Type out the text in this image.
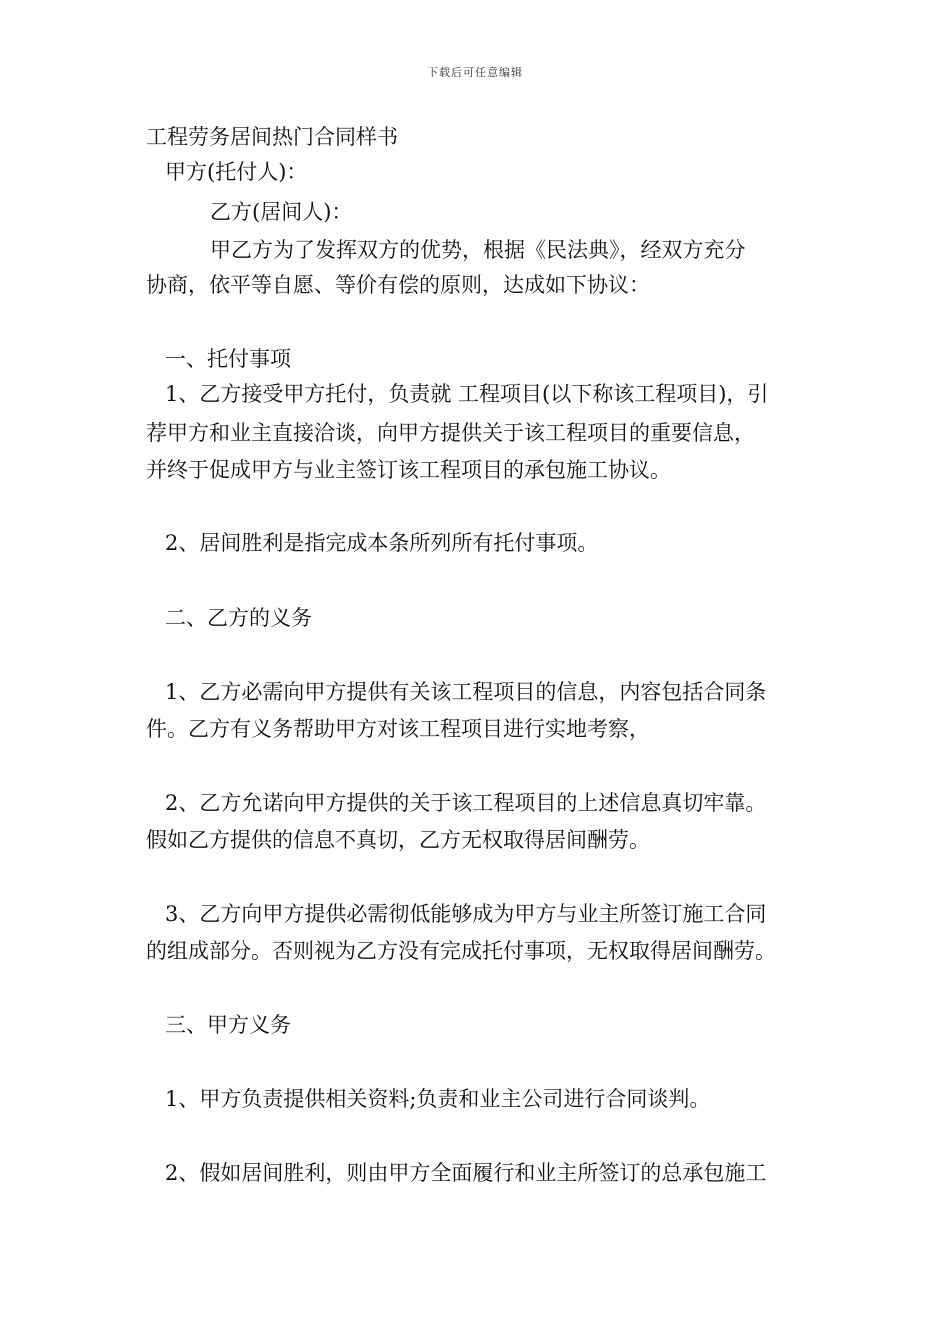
下载后可任意编辑
工程劳务居间热门合同样书
甲方(托付人)：
乙方(居间人)：
甲乙方为了发挥双方的优势，根据《民法典》，经双方充分
协商，依平等自愿、等价有偿的原则，达成如下协议：
一、托付事项
1、乙方接受甲方托付，负责就 工程项目(以下称该工程项目)，引
荐甲方和业主直接洽谈，向甲方提供关于该工程项目的重要信息，
并终于促成甲方与业主签订该工程项目的承包施工协议。
2、居间胜利是指完成本条所列所有托付事项。
二、乙方的义务
1、乙方必需向甲方提供有关该工程项目的信息，内容包括合同条
件。乙方有义务帮助甲方对该工程项目进行实地考察，
2、乙方允诺向甲方提供的关于该工程项目的上述信息真切牢靠。
假如乙方提供的信息不真切，乙方无权取得居间酬劳。
3、乙方向甲方提供必需彻低能够成为甲方与业主所签订施工合同
的组成部分。否则视为乙方没有完成托付事项，无权取得居间酬劳。
三、甲方义务
1、甲方负责提供相关资料;负责和业主公司进行合同谈判。
2、假如居间胜利，则由甲方全面履行和业主所签订的总承包施工
